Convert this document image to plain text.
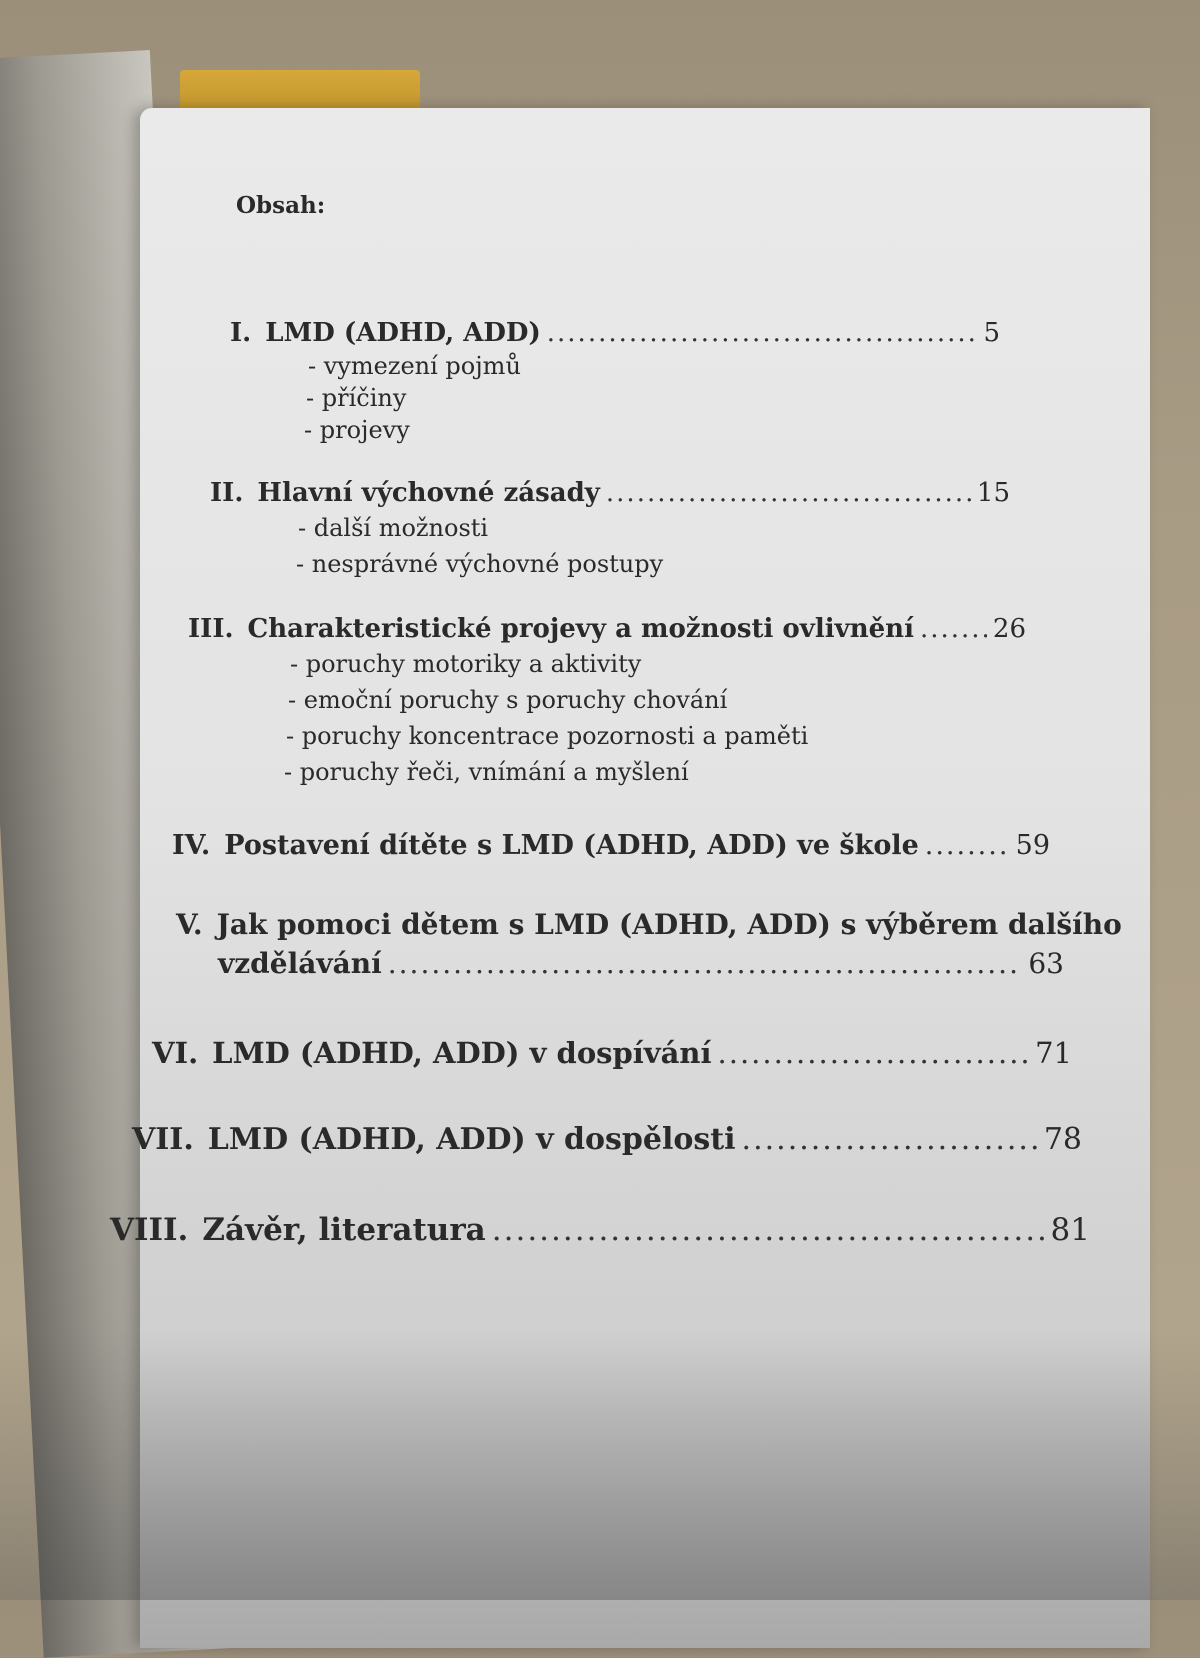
Obsah:
I. LMD (ADHD, ADD) .....	5
- vymezení pojmů
- příčiny
- projevy
II. Hlavní výchovné zásady .....	15
- další možnosti
- nesprávné výchovné postupy
III. Charakteristické projevy a možnosti ovlivnění .....	26
- poruchy motoriky a aktivity
- emoční poruchy s poruchy chování
- poruchy koncentrace pozornosti a paměti
- poruchy řeči, vnímání a myšlení
IV. Postavení dítěte s LMD (ADHD, ADD) ve škole .....	59
V. Jak pomoci dětem s LMD (ADHD, ADD) s výběrem dalšího
vzdělávání .....	63
VI. LMD (ADHD, ADD) v dospívání .....	71
VII. LMD (ADHD, ADD) v dospělosti .....	78
VIII. Závěr, literatura .....	81
